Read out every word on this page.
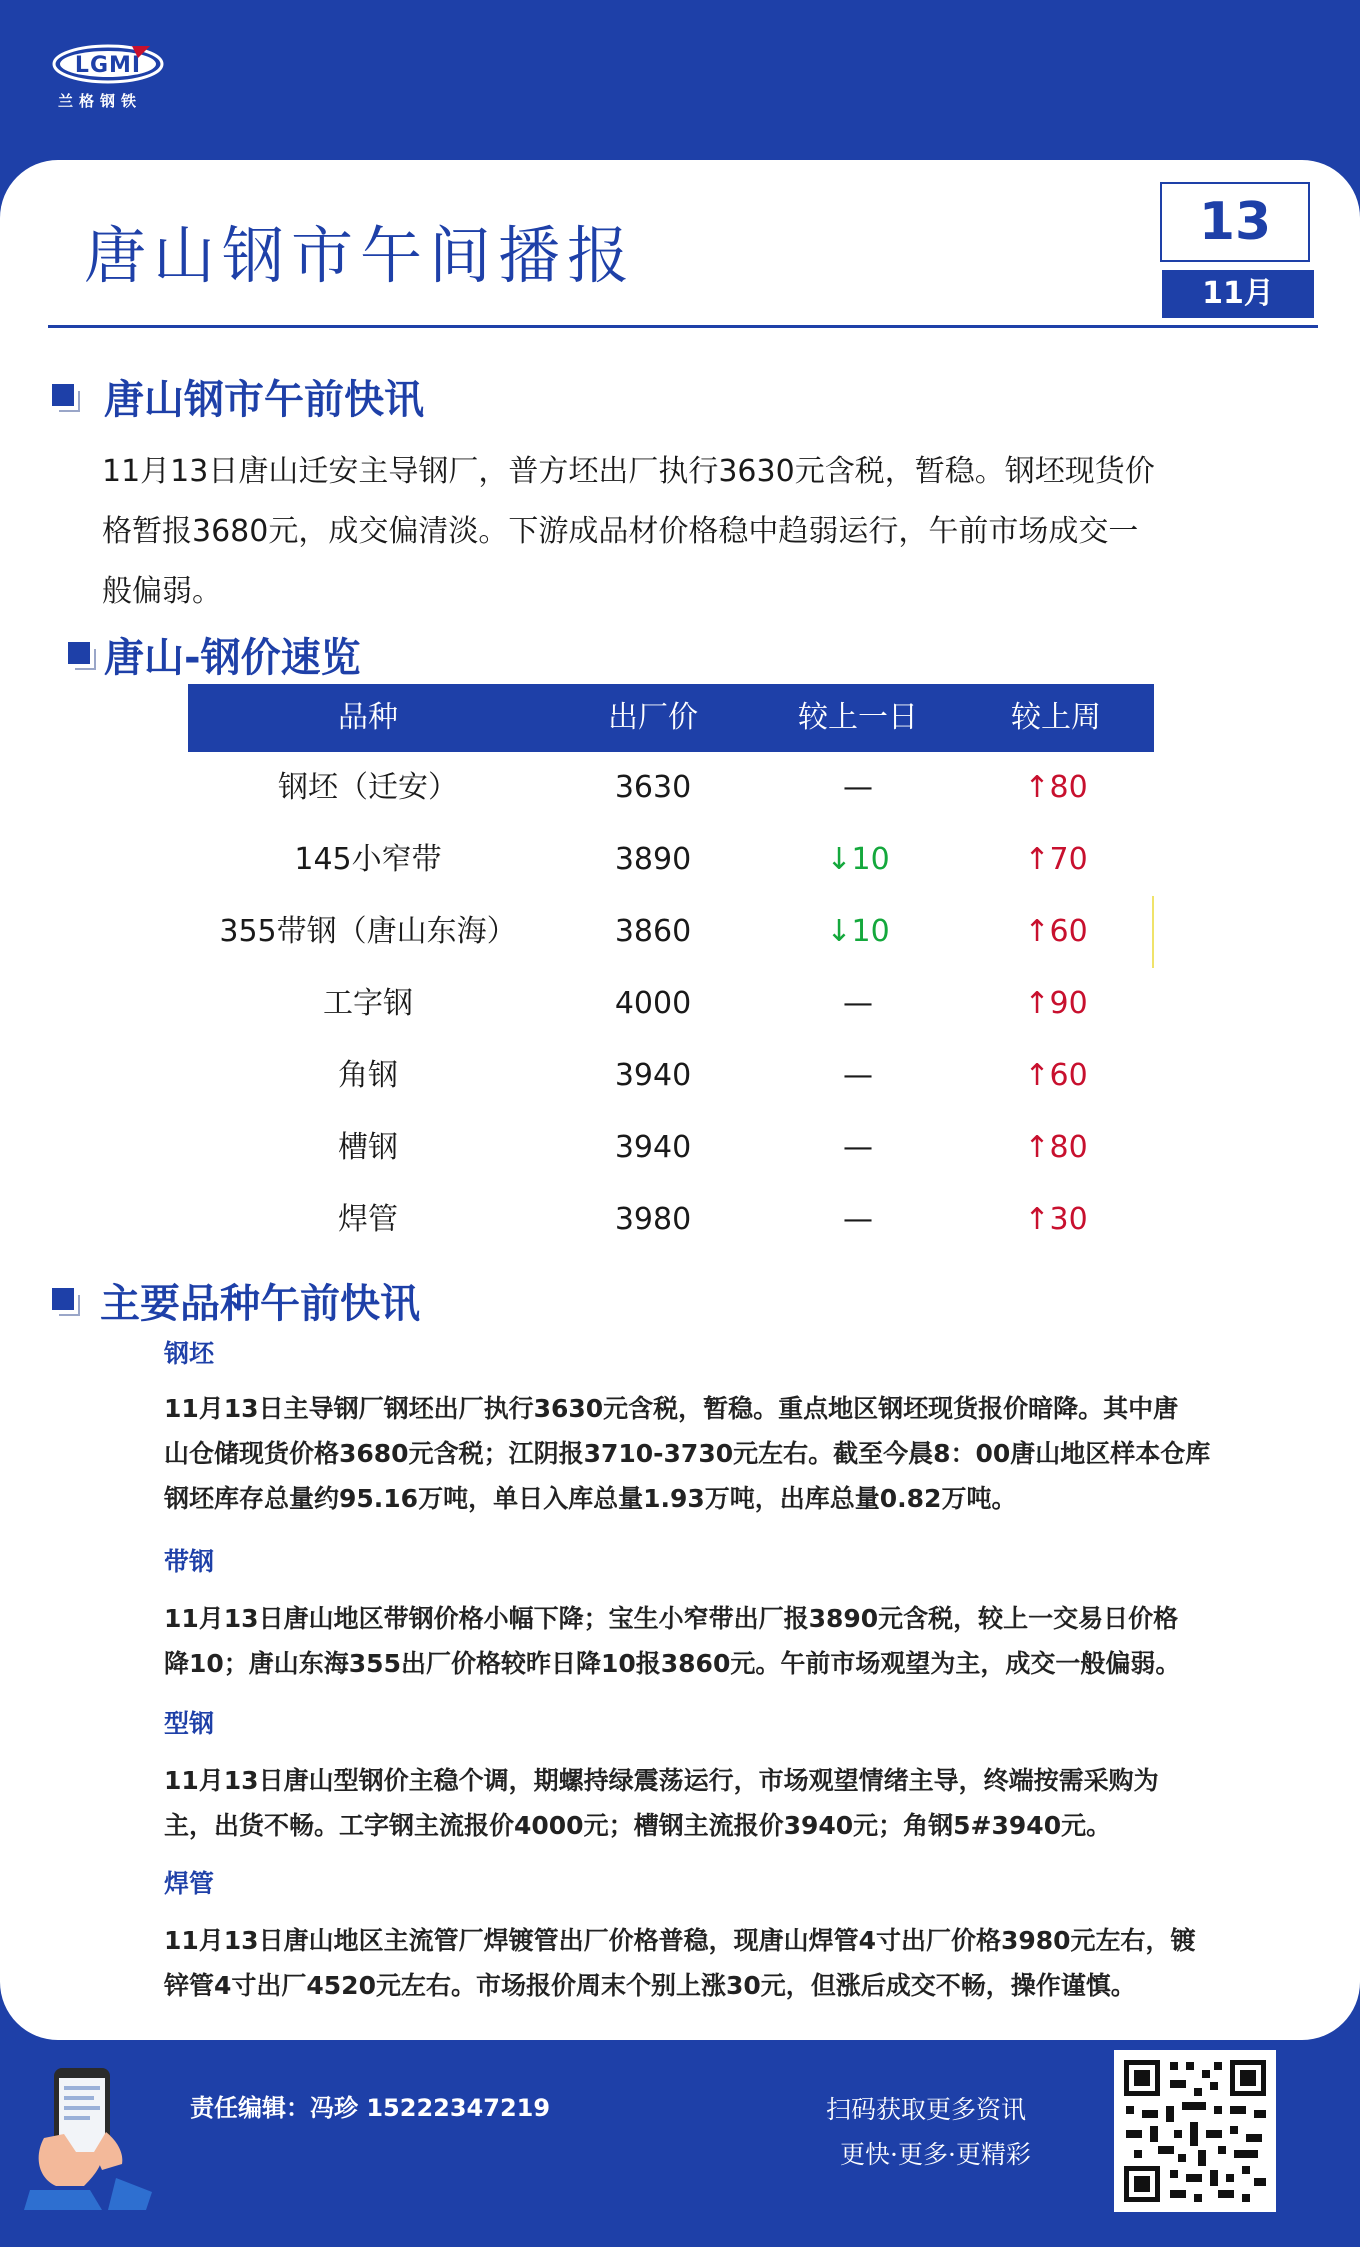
LGMI
兰格钢铁
唐山钢市午间播报	13
11月
唐山钢市午前快讯
11月13日唐山迁安主导钢厂，普方坯出厂执行3630元含税，暂稳。钢坯现货价
格暂报3680元，成交偏清淡。下游成品材价格稳中趋弱运行，午前市场成交一
般偏弱。
唐山-钢价速览
品种	出厂价	较上一日	较上周
钢坯（迁安）	3630	—	↑80
145小窄带	3890	↓10	↑70
355带钢（唐山东海）	3860	↓10	↑60
工字钢	4000	—	↑90
角钢	3940	—	↑60
槽钢	3940	—	↑80
焊管	3980	—	↑30
主要品种午前快讯
钢坯
11月13日主导钢厂钢坯出厂执行3630元含税，暂稳。重点地区钢坯现货报价暗降。其中唐
山仓储现货价格3680元含税；江阴报3710-3730元左右。截至今晨8：00唐山地区样本仓库
钢坯库存总量约95.16万吨，单日入库总量1.93万吨，出库总量0.82万吨。
带钢
11月13日唐山地区带钢价格小幅下降；宝生小窄带出厂报3890元含税，较上一交易日价格
降10；唐山东海355出厂价格较昨日降10报3860元。午前市场观望为主，成交一般偏弱。
型钢
11月13日唐山型钢价主稳个调，期螺持绿震荡运行，市场观望情绪主导，终端按需采购为
主，出货不畅。工字钢主流报价4000元；槽钢主流报价3940元；角钢5#3940元。
焊管
11月13日唐山地区主流管厂焊镀管出厂价格普稳，现唐山焊管4寸出厂价格3980元左右，镀
锌管4寸出厂4520元左右。市场报价周末个别上涨30元，但涨后成交不畅，操作谨慎。
责任编辑：冯珍 15222347219	扫码获取更多资讯
更快·更多·更精彩
